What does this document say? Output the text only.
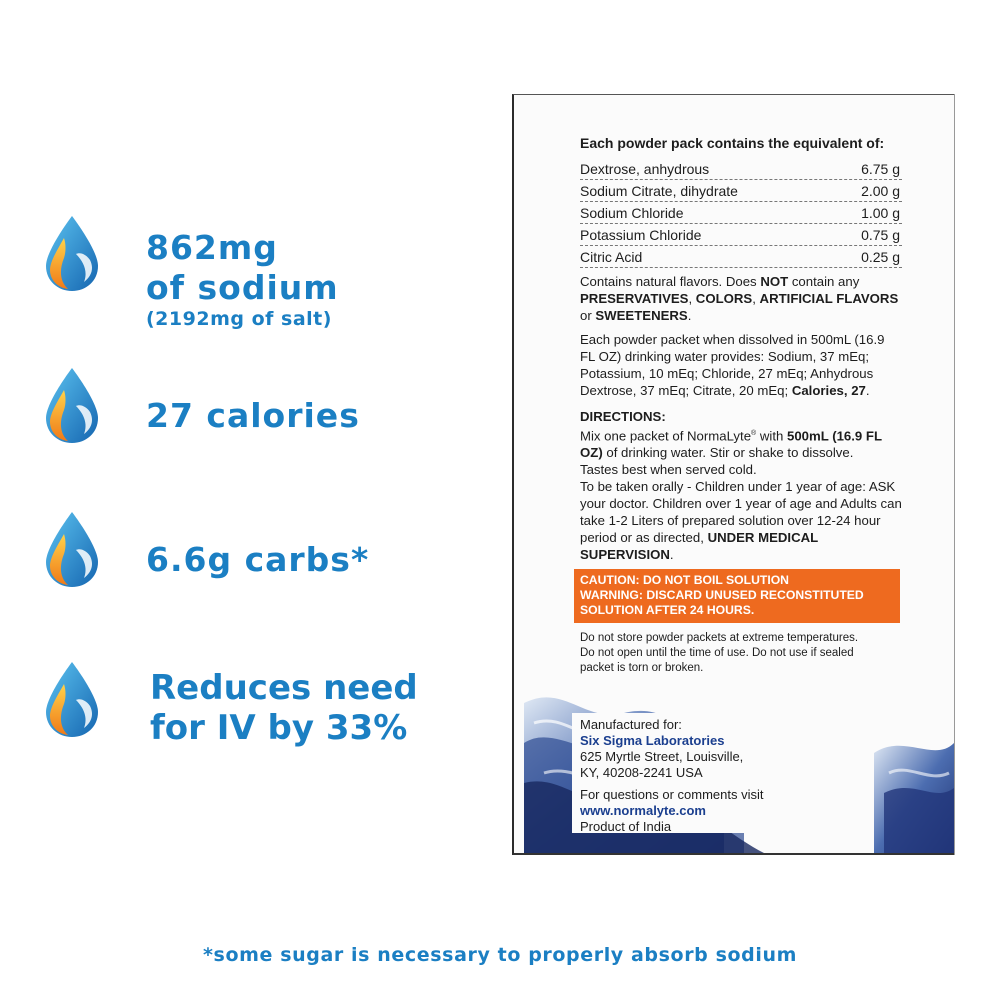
862mg
of sodium
(2192mg of salt)
27 calories
6.6g carbs*
Reduces need
for IV by 33%
Each powder pack contains the equivalent of:
Dextrose, anhydrous	6.75 g
Sodium Citrate, dihydrate	2.00 g
Sodium Chloride	1.00 g
Potassium Chloride	0.75 g
Citric Acid	0.25 g
Contains natural flavors. Does NOT contain any PRESERVATIVES, COLORS, ARTIFICIAL FLAVORS or SWEETENERS.
Each powder packet when dissolved in 500mL (16.9 FL OZ) drinking water provides: Sodium, 37 mEq; Potassium, 10 mEq; Chloride, 27 mEq; Anhydrous Dextrose, 37 mEq; Citrate, 20 mEq; Calories, 27.
DIRECTIONS:
Mix one packet of NormaLyte® with 500mL (16.9 FL OZ) of drinking water. Stir or shake to dissolve.
Tastes best when served cold.
To be taken orally - Children under 1 year of age: ASK your doctor. Children over 1 year of age and Adults can take 1-2 Liters of prepared solution over 12-24 hour period or as directed, UNDER MEDICAL SUPERVISION.
CAUTION: DO NOT BOIL SOLUTION
WARNING: DISCARD UNUSED RECONSTITUTED SOLUTION AFTER 24 HOURS.
Do not store powder packets at extreme temperatures. Do not open until the time of use. Do not use if sealed packet is torn or broken.
Manufactured for:
Six Sigma Laboratories
625 Myrtle Street, Louisville,
KY, 40208-2241 USA
For questions or comments visit
www.normalyte.com
Product of India
*some sugar is necessary to properly absorb sodium
